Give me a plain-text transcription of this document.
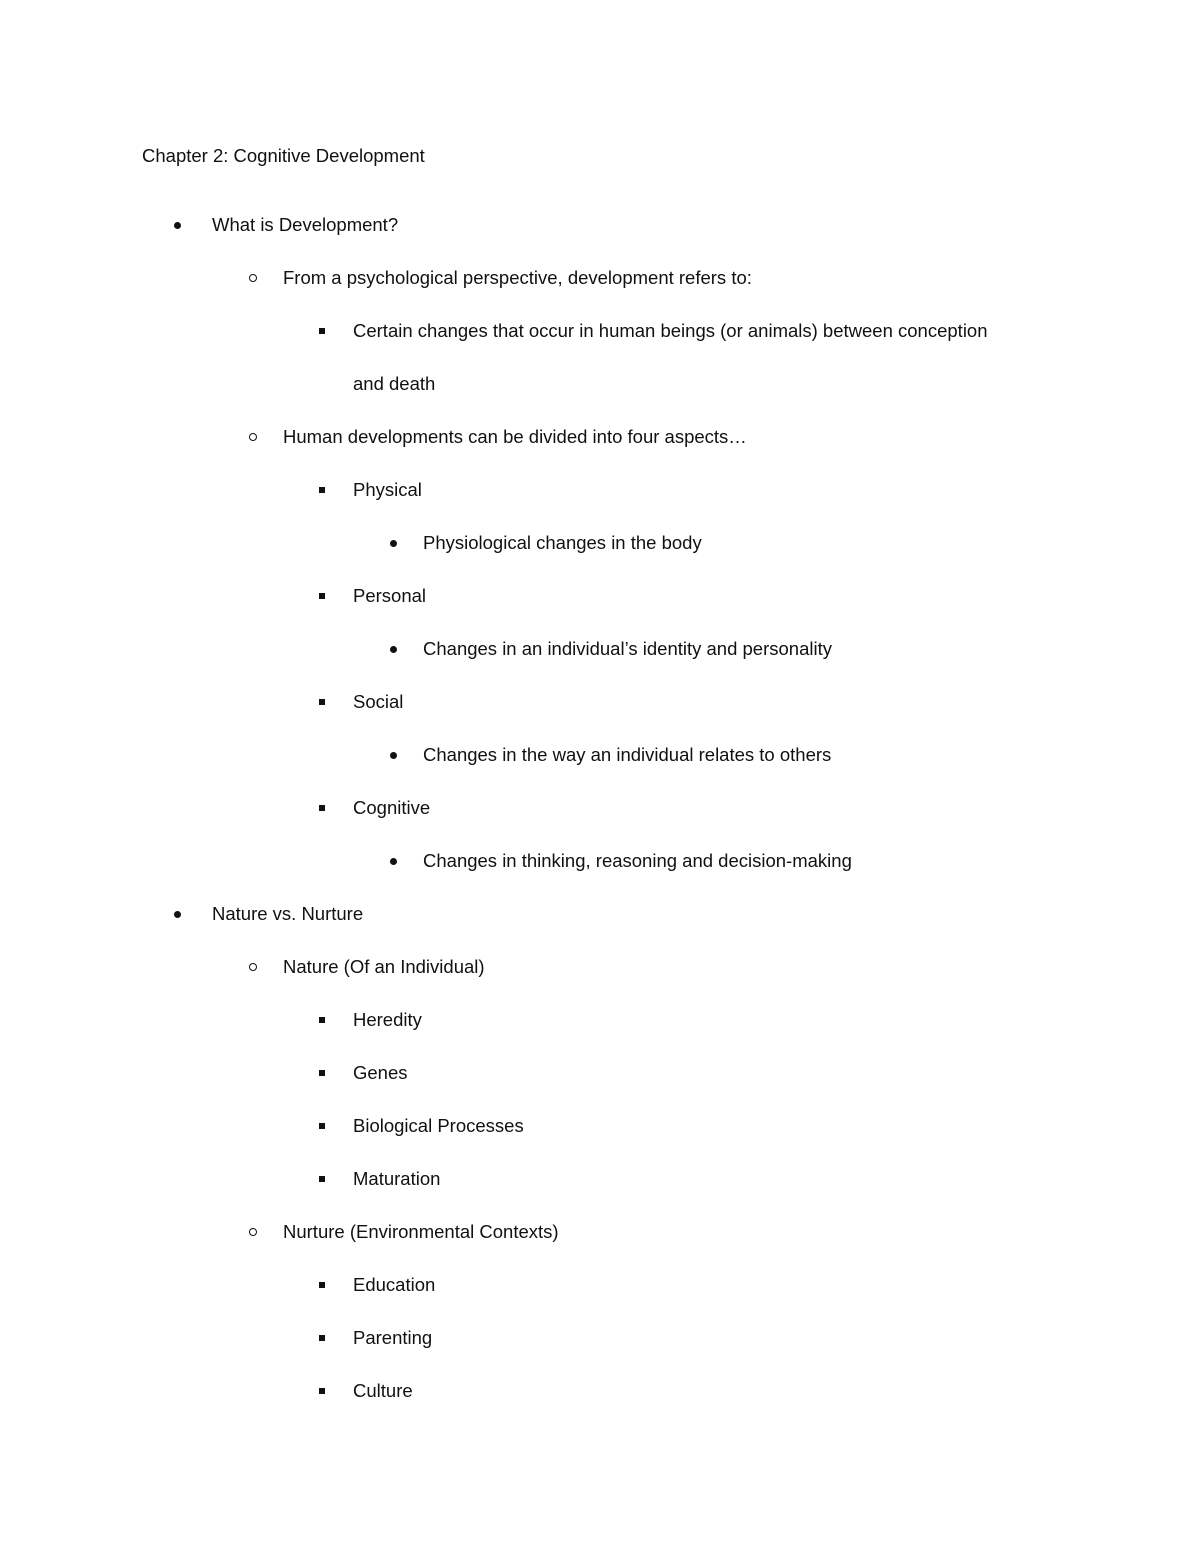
Chapter 2: Cognitive Development
What is Development?
From a psychological perspective, development refers to:
Certain changes that occur in human beings (or animals) between conception
and death
Human developments can be divided into four aspects…
Physical
Physiological changes in the body
Personal
Changes in an individual’s identity and personality
Social
Changes in the way an individual relates to others
Cognitive
Changes in thinking, reasoning and decision-making
Nature vs. Nurture
Nature (Of an Individual)
Heredity
Genes
Biological Processes
Maturation
Nurture (Environmental Contexts)
Education
Parenting
Culture
